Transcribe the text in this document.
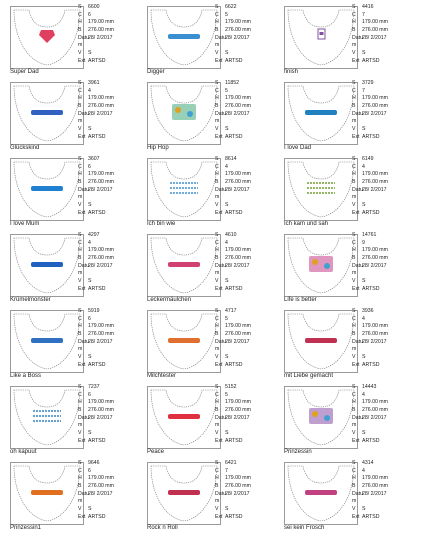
Super Dad
S 6600
C 6
H 179.00 mm
B 276.00 mm
Datu 28/ 2/2017
m
V S
Ext ARTSD
Digger
S 6622
C 5
H 179.00 mm
B 276.00 mm
Datu 28/ 2/2017
m
V S
Ext ARTSD
finish
S 4416
C 7
H 179.00 mm
B 276.00 mm
Datu 28/ 2/2017
m
V S
Ext ARTSD
Glückskind
S 3961
C 4
H 179.00 mm
B 276.00 mm
Datu 28/ 2/2017
m
V S
Ext ARTSD
Hip Hop
S 11852
C 5
H 179.00 mm
B 276.00 mm
Datu 28/ 2/2017
m
V S
Ext ARTSD
I love Dad
S 3729
C 7
H 179.00 mm
B 276.00 mm
Datu 28/ 2/2017
m
V S
Ext ARTSD
I love Mum
S 3607
C 6
H 179.00 mm
B 276.00 mm
Datu 28/ 2/2017
m
V S
Ext ARTSD
Ich bin wie
S 8614
C 4
H 179.00 mm
B 276.00 mm
Datu 28/ 2/2017
m
V S
Ext ARTSD
Ich kam und sah
S 6149
C 4
H 179.00 mm
B 276.00 mm
Datu 28/ 2/2017
m
V S
Ext ARTSD
Krümelmonster
S 4297
C 4
H 179.00 mm
B 276.00 mm
Datu 28/ 2/2017
m
V S
Ext ARTSD
Leckermäulchen
S 4610
C 4
H 179.00 mm
B 276.00 mm
Datu 28/ 2/2017
m
V S
Ext ARTSD
Life is better
S 14761
C 9
H 179.00 mm
B 276.00 mm
Datu 28/ 2/2017
m
V S
Ext ARTSD
Like a Boss
S 5919
C 6
H 179.00 mm
B 276.00 mm
Datu 28/ 2/2017
m
V S
Ext ARTSD
Milchtester
S 4717
C 5
H 179.00 mm
B 276.00 mm
Datu 28/ 2/2017
m
V S
Ext ARTSD
mit Liebe gemacht
S 3936
C 4
H 179.00 mm
B 276.00 mm
Datu 28/ 2/2017
m
V S
Ext ARTSD
oh kapuut
S 7237
C 6
H 179.00 mm
B 276.00 mm
Datu 28/ 2/2017
m
V S
Ext ARTSD
Peace
S 5152
C 5
H 179.00 mm
B 276.00 mm
Datu 28/ 2/2017
m
V S
Ext ARTSD
Prinzessin
S 14443
C 4
H 179.00 mm
B 276.00 mm
Datu 28/ 2/2017
m
V S
Ext ARTSD
Prinzessin1
S 9646
C 6
H 179.00 mm
B 276.00 mm
Datu 28/ 2/2017
m
V S
Ext ARTSD
Rock n Roll
S 6421
C 7
H 179.00 mm
B 276.00 mm
Datu 28/ 2/2017
m
V S
Ext ARTSD
sei kein Frosch
S 4314
C 4
H 179.00 mm
B 276.00 mm
Datu 28/ 2/2017
m
V S
Ext ARTSD
